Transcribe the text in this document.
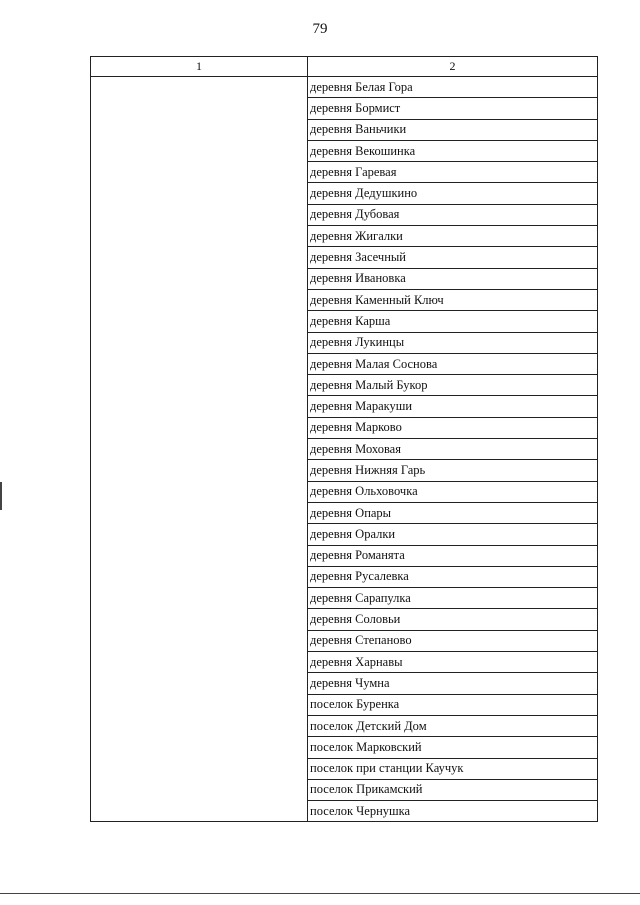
79
1	2
	деревня Белая Гора
	деревня Бормист
	деревня Ваньчики
	деревня Векошинка
	деревня Гаревая
	деревня Дедушкино
	деревня Дубовая
	деревня Жигалки
	деревня Засечный
	деревня Ивановка
	деревня Каменный Ключ
	деревня Карша
	деревня Лукинцы
	деревня Малая Соснова
	деревня Малый Букор
	деревня Маракуши
	деревня Марково
	деревня Моховая
	деревня Нижняя Гарь
	деревня Ольховочка
	деревня Опары
	деревня Оралки
	деревня Романята
	деревня Русалевка
	деревня Сарапулка
	деревня Соловьи
	деревня Степаново
	деревня Харнавы
	деревня Чумна
	поселок Буренка
	поселок Детский Дом
	поселок Марковский
	поселок при станции Каучук
	поселок Прикамский
	поселок Чернушка
